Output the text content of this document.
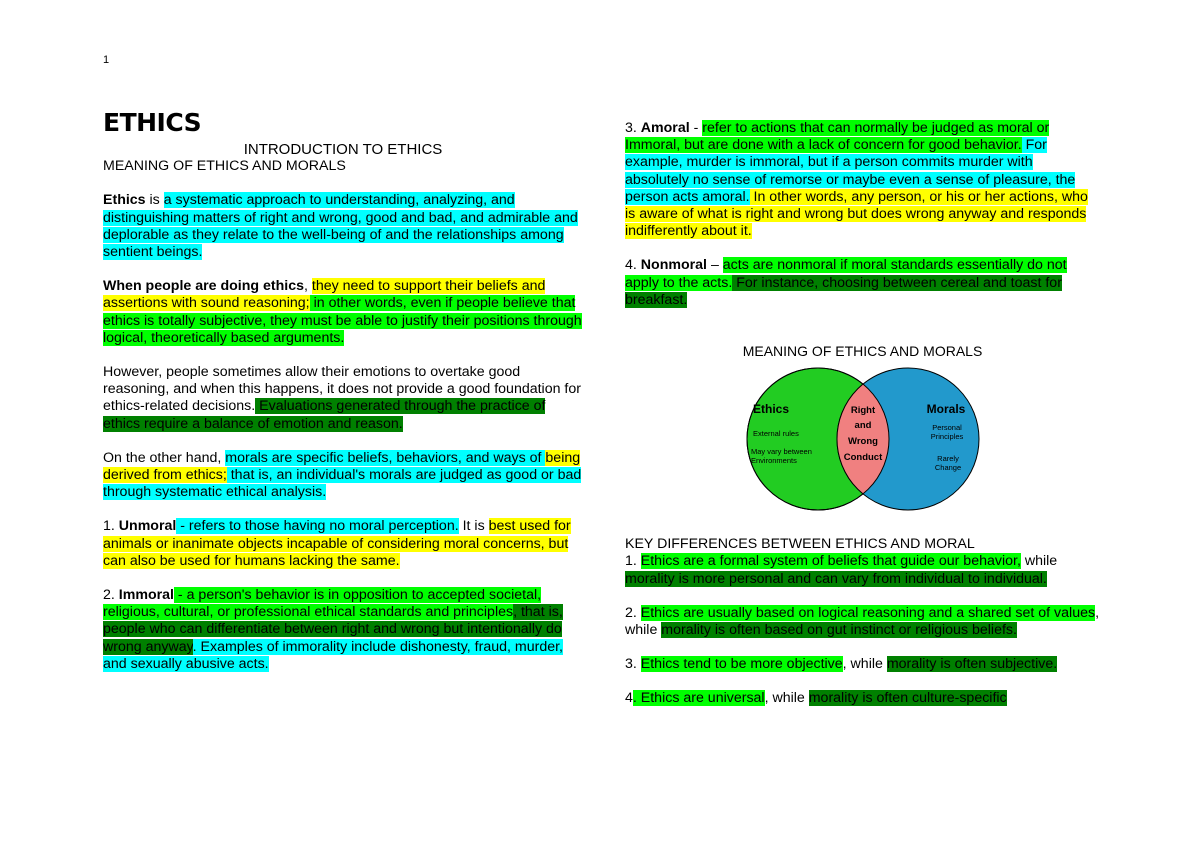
1
ETHICS
INTRODUCTION TO ETHICS

MEANING OF ETHICS AND MORALS

Ethics is a systematic approach to understanding, analyzing, and distinguishing matters of right and wrong, good and bad, and admirable and deplorable as they relate to the well-being of and the relationships among sentient beings.

When people are doing ethics, they need to support their beliefs and assertions with sound reasoning; in other words, even if people believe that ethics is totally subjective, they must be able to justify their positions through logical, theoretically based arguments.

However, people sometimes allow their emotions to overtake good reasoning, and when this happens, it does not provide a good foundation for ethics-related decisions. Evaluations generated through the practice of ethics require a balance of emotion and reason.

On the other hand, morals are specific beliefs, behaviors, and ways of being derived from ethics; that is, an individual's morals are judged as good or bad through systematic ethical analysis.

1. Unmoral - refers to those having no moral perception. It is best used for animals or inanimate objects incapable of considering moral concerns, but can also be used for humans lacking the same.

2. Immoral - a person's behavior is in opposition to accepted societal, religious, cultural, or professional ethical standards and principles, that is, people who can differentiate between right and wrong but intentionally do wrong anyway. Examples of immorality include dishonesty, fraud, murder, and sexually abusive acts.

3. Amoral - refer to actions that can normally be judged as moral or Immoral, but are done with a lack of concern for good behavior. For example, murder is immoral, but if a person commits murder with absolutely no sense of remorse or maybe even a sense of pleasure, the person acts amoral. In other words, any person, or his or her actions, who is aware of what is right and wrong but does wrong anyway and responds indifferently about it.

4. Nonmoral – acts are nonmoral if moral standards essentially do not apply to the acts. For instance, choosing between cereal and toast for breakfast.

MEANING OF ETHICS AND MORALS
Ethics
External rules
May vary between Environments
Right
and
Wrong
Conduct
Morals
Personal Principles
Rarely Change

KEY DIFFERENCES BETWEEN ETHICS AND MORAL

1. Ethics are a formal system of beliefs that guide our behavior, while morality is more personal and can vary from individual to individual.

2. Ethics are usually based on logical reasoning and a shared set of values, while morality is often based on gut instinct or religious beliefs.

3. Ethics tend to be more objective, while morality is often subjective.

4. Ethics are universal, while morality is often culture-specific
